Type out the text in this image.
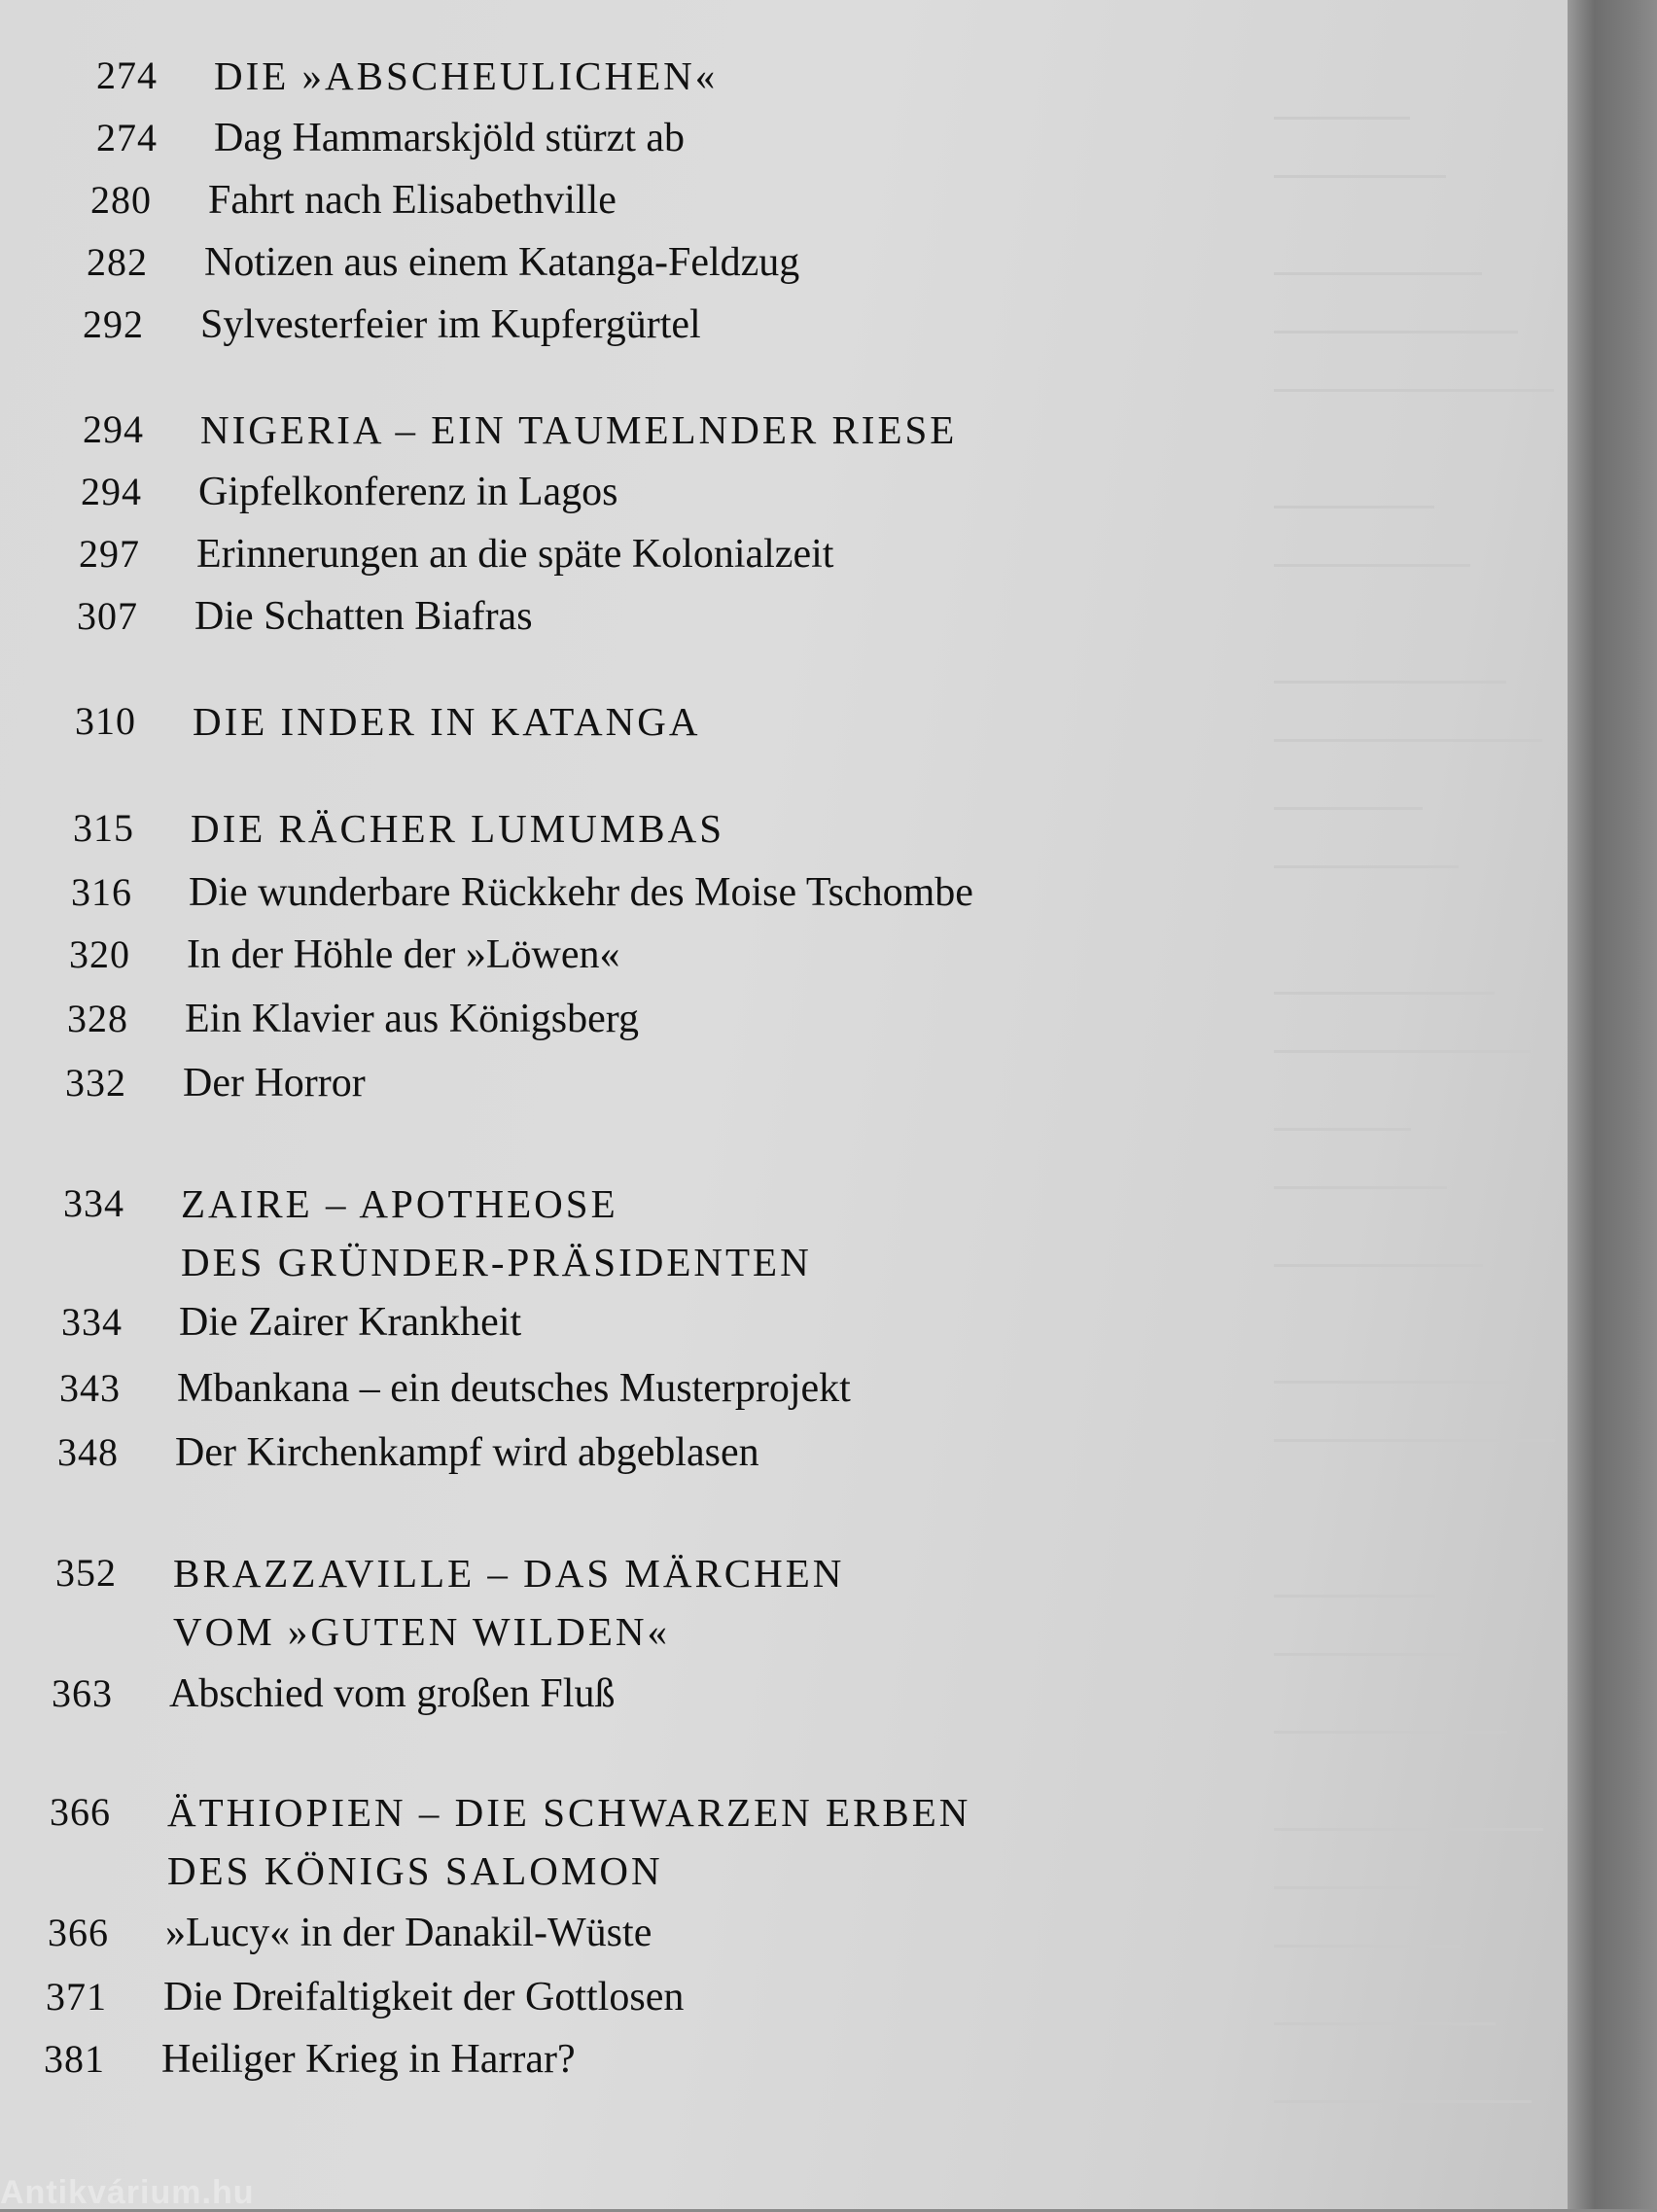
274 DIE »ABSCHEULICHEN«
274 Dag Hammarskjöld stürzt ab
280 Fahrt nach Elisabethville
282 Notizen aus einem Katanga-Feldzug
292 Sylvesterfeier im Kupfergürtel
294 NIGERIA – EIN TAUMELNDER RIESE
294 Gipfelkonferenz in Lagos
297 Erinnerungen an die späte Kolonialzeit
307 Die Schatten Biafras
310 DIE INDER IN KATANGA
315 DIE RÄCHER LUMUMBAS
316 Die wunderbare Rückkehr des Moise Tschombe
320 In der Höhle der »Löwen«
328 Ein Klavier aus Königsberg
332 Der Horror
334 ZAIRE – APOTHEOSE
DES GRÜNDER-PRÄSIDENTEN
334 Die Zairer Krankheit
343 Mbankana – ein deutsches Musterprojekt
348 Der Kirchenkampf wird abgeblasen
352 BRAZZAVILLE – DAS MÄRCHEN
VOM »GUTEN WILDEN«
363 Abschied vom großen Fluß
366 ÄTHIOPIEN – DIE SCHWARZEN ERBEN
DES KÖNIGS SALOMON
366 »Lucy« in der Danakil-Wüste
371 Die Dreifaltigkeit der Gottlosen
381 Heiliger Krieg in Harrar?
Antikvárium.hu
